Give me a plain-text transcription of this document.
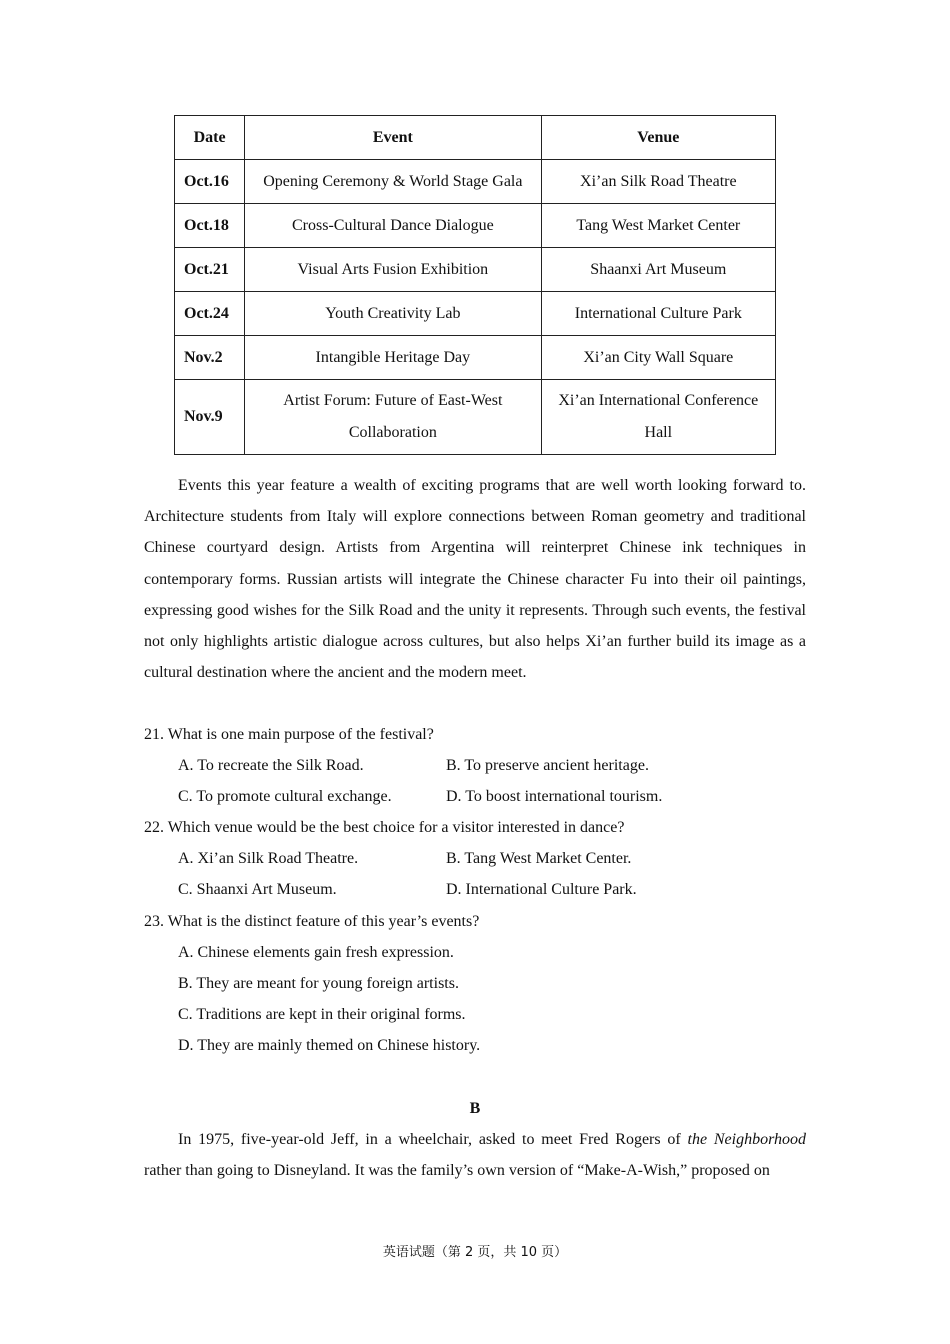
Date	Event	Venue
Oct.16	Opening Ceremony & World Stage Gala	Xi’an Silk Road Theatre
Oct.18	Cross-Cultural Dance Dialogue	Tang West Market Center
Oct.21	Visual Arts Fusion Exhibition	Shaanxi Art Museum
Oct.24	Youth Creativity Lab	International Culture Park
Nov.2	Intangible Heritage Day	Xi’an City Wall Square
Nov.9	Artist Forum: Future of East-West Collaboration	Xi’an International Conference Hall

Events this year feature a wealth of exciting programs that are well worth looking forward to. Architecture students from Italy will explore connections between Roman geometry and traditional Chinese courtyard design. Artists from Argentina will reinterpret Chinese ink techniques in contemporary forms. Russian artists will integrate the Chinese character Fu into their oil paintings, expressing good wishes for the Silk Road and the unity it represents. Through such events, the festival not only highlights artistic dialogue across cultures, but also helps Xi’an further build its image as a cultural destination where the ancient and the modern meet.

21. What is one main purpose of the festival?
A. To recreate the Silk Road.	B. To preserve ancient heritage.
C. To promote cultural exchange.	D. To boost international tourism.
22. Which venue would be the best choice for a visitor interested in dance?
A. Xi’an Silk Road Theatre.	B. Tang West Market Center.
C. Shaanxi Art Museum.	D. International Culture Park.
23. What is the distinct feature of this year’s events?
A. Chinese elements gain fresh expression.
B. They are meant for young foreign artists.
C. Traditions are kept in their original forms.
D. They are mainly themed on Chinese history.
B

In 1975, five-year-old Jeff, in a wheelchair, asked to meet Fred Rogers of the Neighborhood rather than going to Disneyland. It was the family’s own version of “Make-A-Wish,” proposed on

英语试题（第 2 页，共 10 页）
